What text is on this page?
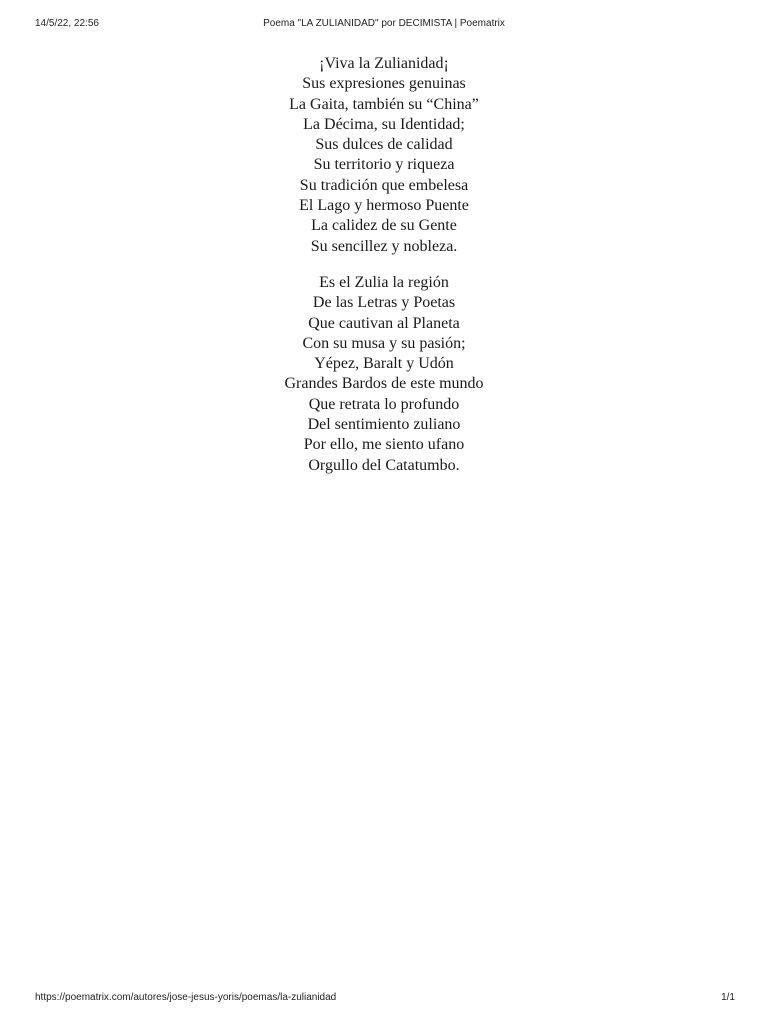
14/5/22, 22:56	Poema "LA ZULIANIDAD" por DECIMISTA | Poematrix
¡Viva la Zulianidad¡
Sus expresiones genuinas
La Gaita, también su “China”
La Décima, su Identidad;
Sus dulces de calidad
Su territorio y riqueza
Su tradición que embelesa
El Lago y hermoso Puente
La calidez de su Gente
Su sencillez y nobleza.
Es el Zulia la región
De las Letras y Poetas
Que cautivan al Planeta
Con su musa y su pasión;
Yépez, Baralt y Udón
Grandes Bardos de este mundo
Que retrata lo profundo
Del sentimiento zuliano
Por ello, me siento ufano
Orgullo del Catatumbo.
https://poematrix.com/autores/jose-jesus-yoris/poemas/la-zulianidad	1/1
